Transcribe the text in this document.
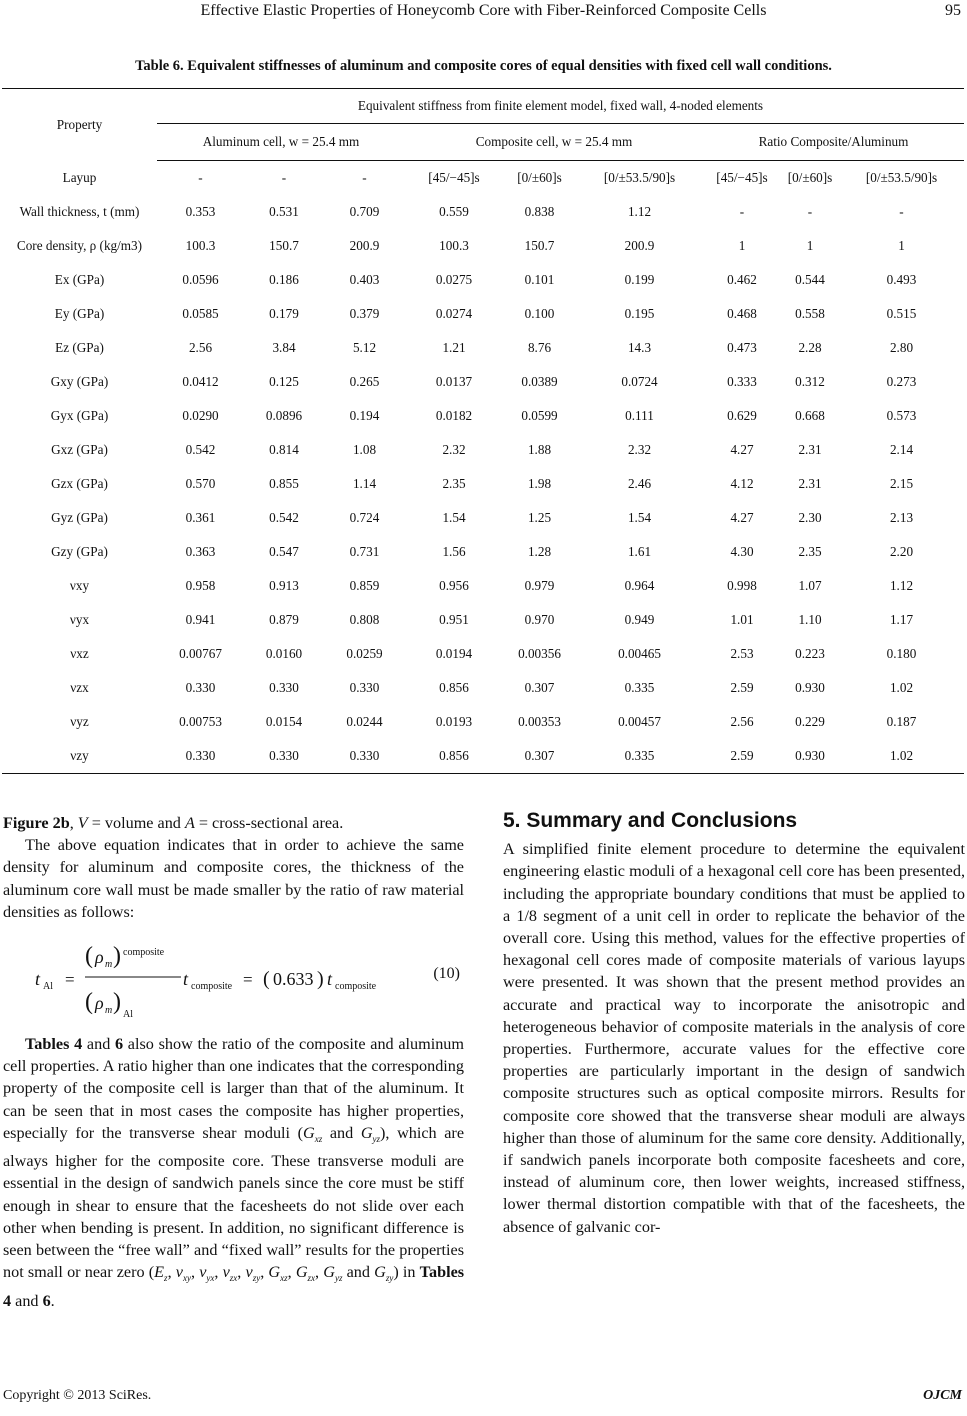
Effective Elastic Properties of Honeycomb Core with Fiber-Reinforced Composite Cells	95
Table 6. Equivalent stiffnesses of aluminum and composite cores of equal densities with fixed cell wall conditions.
Property	Equivalent stiffness from finite element model, fixed wall, 4-noded elements								
	Aluminum cell, w = 25.4 mm			Composite cell, w = 25.4 mm			Ratio Composite/Aluminum		
Layup	-	-	-	[45/−45]s	[0/±60]s	[0/±53.5/90]s	[45/−45]s	[0/±60]s	[0/±53.5/90]s
Wall thickness, t (mm)	0.353	0.531	0.709	0.559	0.838	1.12	-	-	-
Core density, ρ (kg/m3)	100.3	150.7	200.9	100.3	150.7	200.9	1	1	1
Ex (GPa)	0.0596	0.186	0.403	0.0275	0.101	0.199	0.462	0.544	0.493
Ey (GPa)	0.0585	0.179	0.379	0.0274	0.100	0.195	0.468	0.558	0.515
Ez (GPa)	2.56	3.84	5.12	1.21	8.76	14.3	0.473	2.28	2.80
Gxy (GPa)	0.0412	0.125	0.265	0.0137	0.0389	0.0724	0.333	0.312	0.273
Gyx (GPa)	0.0290	0.0896	0.194	0.0182	0.0599	0.111	0.629	0.668	0.573
Gxz (GPa)	0.542	0.814	1.08	2.32	1.88	2.32	4.27	2.31	2.14
Gzx (GPa)	0.570	0.855	1.14	2.35	1.98	2.46	4.12	2.31	2.15
Gyz (GPa)	0.361	0.542	0.724	1.54	1.25	1.54	4.27	2.30	2.13
Gzy (GPa)	0.363	0.547	0.731	1.56	1.28	1.61	4.30	2.35	2.20
νxy	0.958	0.913	0.859	0.956	0.979	0.964	0.998	1.07	1.12
νyx	0.941	0.879	0.808	0.951	0.970	0.949	1.01	1.10	1.17
νxz	0.00767	0.0160	0.0259	0.0194	0.00356	0.00465	2.53	0.223	0.180
νzx	0.330	0.330	0.330	0.856	0.307	0.335	2.59	0.930	1.02
νyz	0.00753	0.0154	0.0244	0.0193	0.00353	0.00457	2.56	0.229	0.187
νzy	0.330	0.330	0.330	0.856	0.307	0.335	2.59	0.930	1.02

Figure 2b, V = volume and A = cross-sectional area.

The above equation indicates that in order to achieve the same density for aluminum and composite cores, the thickness of the aluminum core wall must be made smaller by the ratio of raw material densities as follows:

t Al =
( ρ m ) composite
( ρ m ) Al
t composite = ( 0.633 ) t composite
(10)

Tables 4 and 6 also show the ratio of the composite and aluminum cell properties. A ratio higher than one indicates that the corresponding property of the composite cell is larger than that of the aluminum. It can be seen that in most cases the composite has higher properties, especially for the transverse shear moduli ($G_{xz}$ and $G_{yz}$), which are always higher for the composite core. These transverse moduli are essential in the design of sandwich panels since the core must be stiff enough in shear to ensure that the facesheets do not slide over each other when bending is present. In addition, no significant difference is seen between the “free wall” and “fixed wall” results for the properties not small or near zero ($E_z$, $\nu_{xy}$, $\nu_{yx}$, $\nu_{zx}$, $\nu_{zy}$, $G_{xz}$, $G_{zx}$, $G_{yz}$ and $G_{zy}$) in Tables 4 and 6.

5. Summary and Conclusions

A simplified finite element procedure to determine the equivalent engineering elastic moduli of a hexagonal cell core has been presented, including the appropriate boundary conditions that must be applied to a 1/8 segment of a unit cell in order to replicate the behavior of the overall core. Using this method, values for the effective properties of hexagonal cell cores made of composite materials of various layups were presented. It was shown that the present method provides an accurate and practical way to incorporate the anisotropic and heterogeneous behavior of composite materials in the analysis of core properties. Furthermore, accurate values for the effective core properties are particularly important in the design of sandwich composite structures such as optical composite mirrors. Results for composite core showed that the transverse shear moduli are always higher than those of aluminum for the same core density. Additionally, if sandwich panels incorporate both composite facesheets and core, instead of aluminum core, then lower weights, increased stiffness, lower thermal distortion compatible with that of the facesheets, the absence of galvanic cor-

Copyright © 2013 SciRes.	OJCM
